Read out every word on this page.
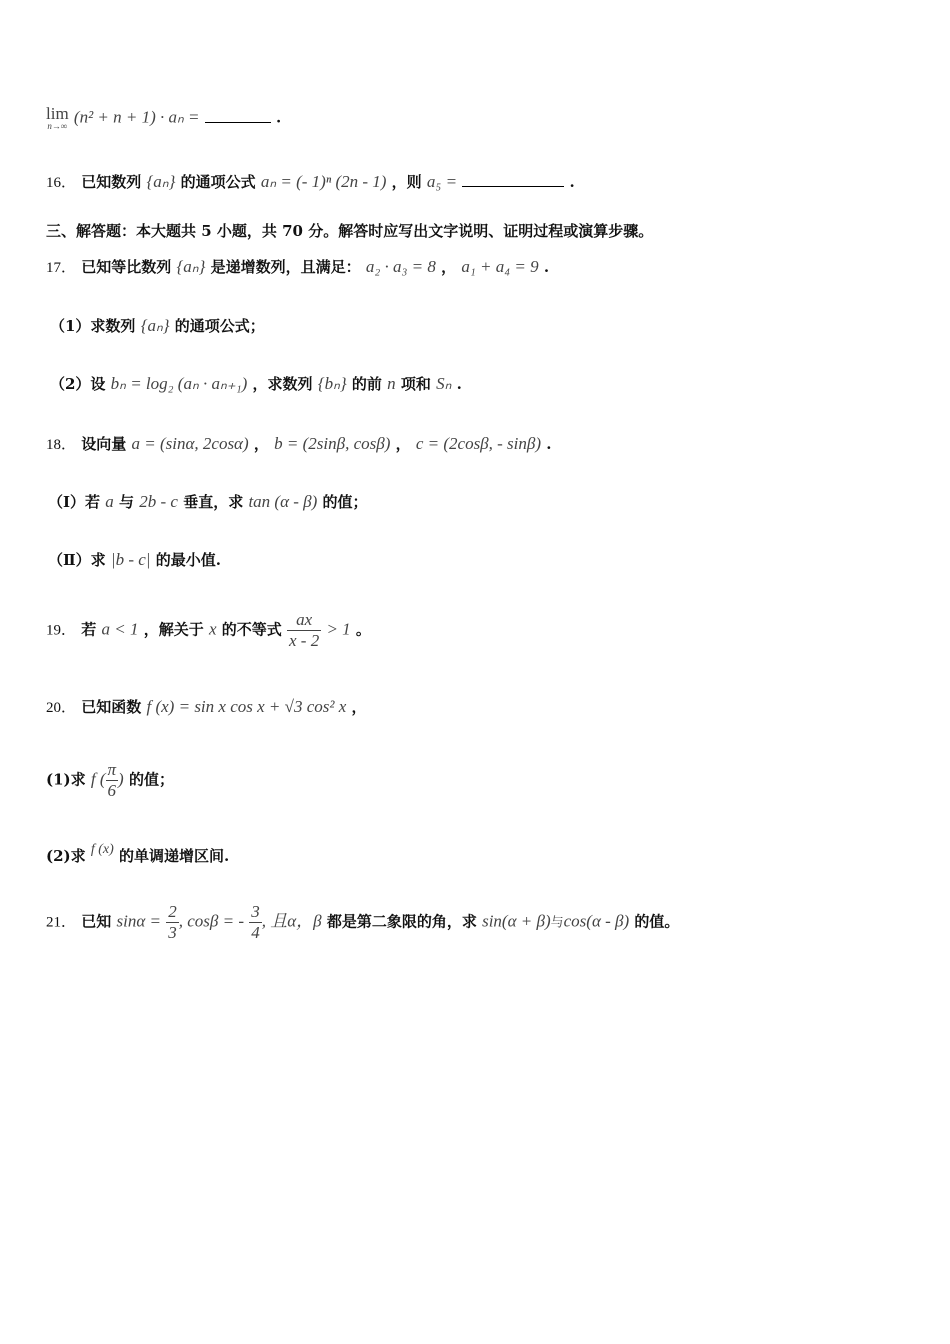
lim
n→∞ (n² + n + 1) · aₙ =	.
16． 已知数列 {aₙ} 的通项公式 aₙ = (- 1)ⁿ (2n - 1) ，则 a₅ =	.
三、解答题：本大题共 5 小题，共 70 分。解答时应写出文字说明、证明过程或演算步骤。
17． 已知等比数列 {aₙ} 是递增数列，且满足： a₂ · a₃ = 8 ， a₁ + a₄ = 9 .
（1）求数列 {aₙ} 的通项公式；
（2）设 bₙ = log₂ (aₙ · aₙ₊₁) ，求数列 {bₙ} 的前 n 项和 Sₙ .
18． 设向量 a = (sinα, 2cosα) ， b = (2sinβ, cosβ) ， c = (2cosβ, - sinβ) .
（Ⅰ）若 a 与 2b - c 垂直，求 tan (α - β) 的值；
（Ⅱ）求 |b - c| 的最小值.
19． 若 a < 1 ，解关于 x 的不等式 $\frac{ax}{x - 2} > 1$ 。
20． 已知函数 f (x) = sin x cos x + √3 cos² x ，
(1)求 f ( $\frac{\pi}{6}$ ) 的值；
(2)求 f (x) 的单调递增区间.
21． 已知 $\sin\alpha = \frac{2}{3}$ , cosβ = - $\frac{3}{4}$ , 且α，β 都是第二象限的角，求 sin(α + β)与cos(α - β) 的值。
